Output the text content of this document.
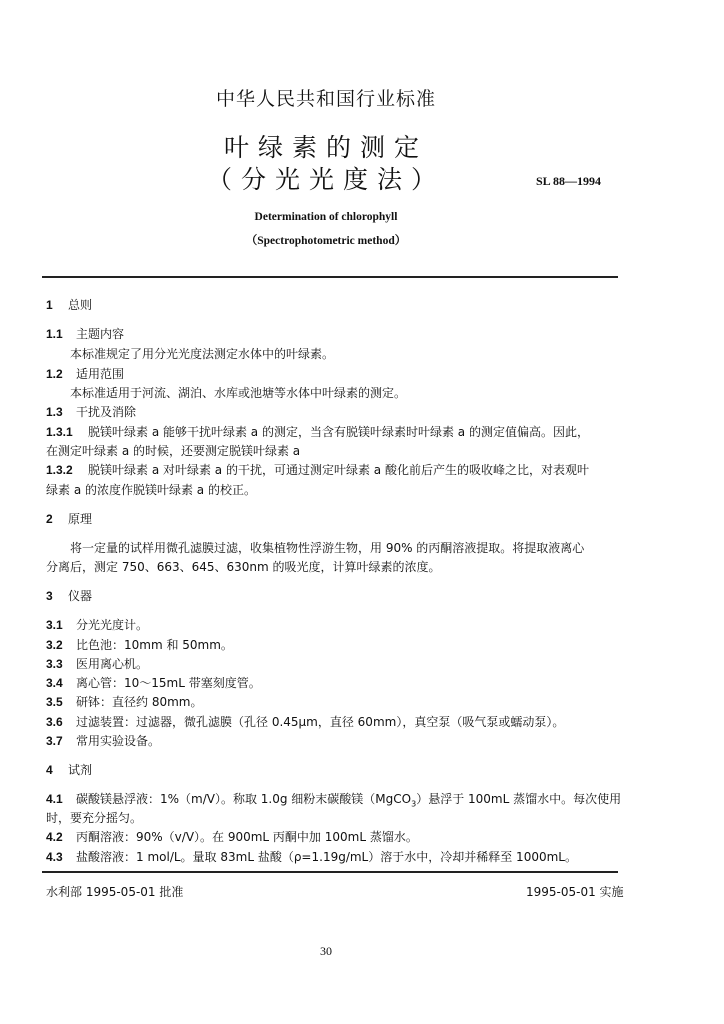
中华人民共和国行业标准
叶绿素的测定
（分光光度法）	SL 88—1994
Determination of chlorophyll
（Spectrophotometric method）
1 总则
1.1 主题内容
本标准规定了用分光光度法测定水体中的叶绿素。
1.2 适用范围
本标准适用于河流、湖泊、水库或池塘等水体中叶绿素的测定。
1.3 干扰及消除
1.3.1 脱镁叶绿素 a 能够干扰叶绿素 a 的测定，当含有脱镁叶绿素时叶绿素 a 的测定值偏高。因此，
在测定叶绿素 a 的时候，还要测定脱镁叶绿素 a
1.3.2 脱镁叶绿素 a 对叶绿素 a 的干扰，可通过测定叶绿素 a 酸化前后产生的吸收峰之比，对表观叶
绿素 a 的浓度作脱镁叶绿素 a 的校正。
2 原理
将一定量的试样用微孔滤膜过滤，收集植物性浮游生物，用 90% 的丙酮溶液提取。将提取液离心
分离后，测定 750、663、645、630nm 的吸光度，计算叶绿素的浓度。
3 仪器
3.1 分光光度计。
3.2 比色池：10mm 和 50mm。
3.3 医用离心机。
3.4 离心管：10～15mL 带塞刻度管。
3.5 研钵：直径约 80mm。
3.6 过滤装置：过滤器，微孔滤膜（孔径 0.45μm，直径 60mm），真空泵（吸气泵或蠕动泵）。
3.7 常用实验设备。
4 试剂
4.1 碳酸镁悬浮液：1%（m/V）。称取 1.0g 细粉末碳酸镁（MgCO$_3$）悬浮于 100mL 蒸馏水中。每次使用
时，要充分摇匀。
4.2 丙酮溶液：90%（v/V）。在 900mL 丙酮中加 100mL 蒸馏水。
4.3 盐酸溶液：1 mol/L。量取 83mL 盐酸（ρ=1.19g/mL）溶于水中，冷却并稀释至 1000mL。
水利部 1995-05-01 批准	1995-05-01 实施
30
